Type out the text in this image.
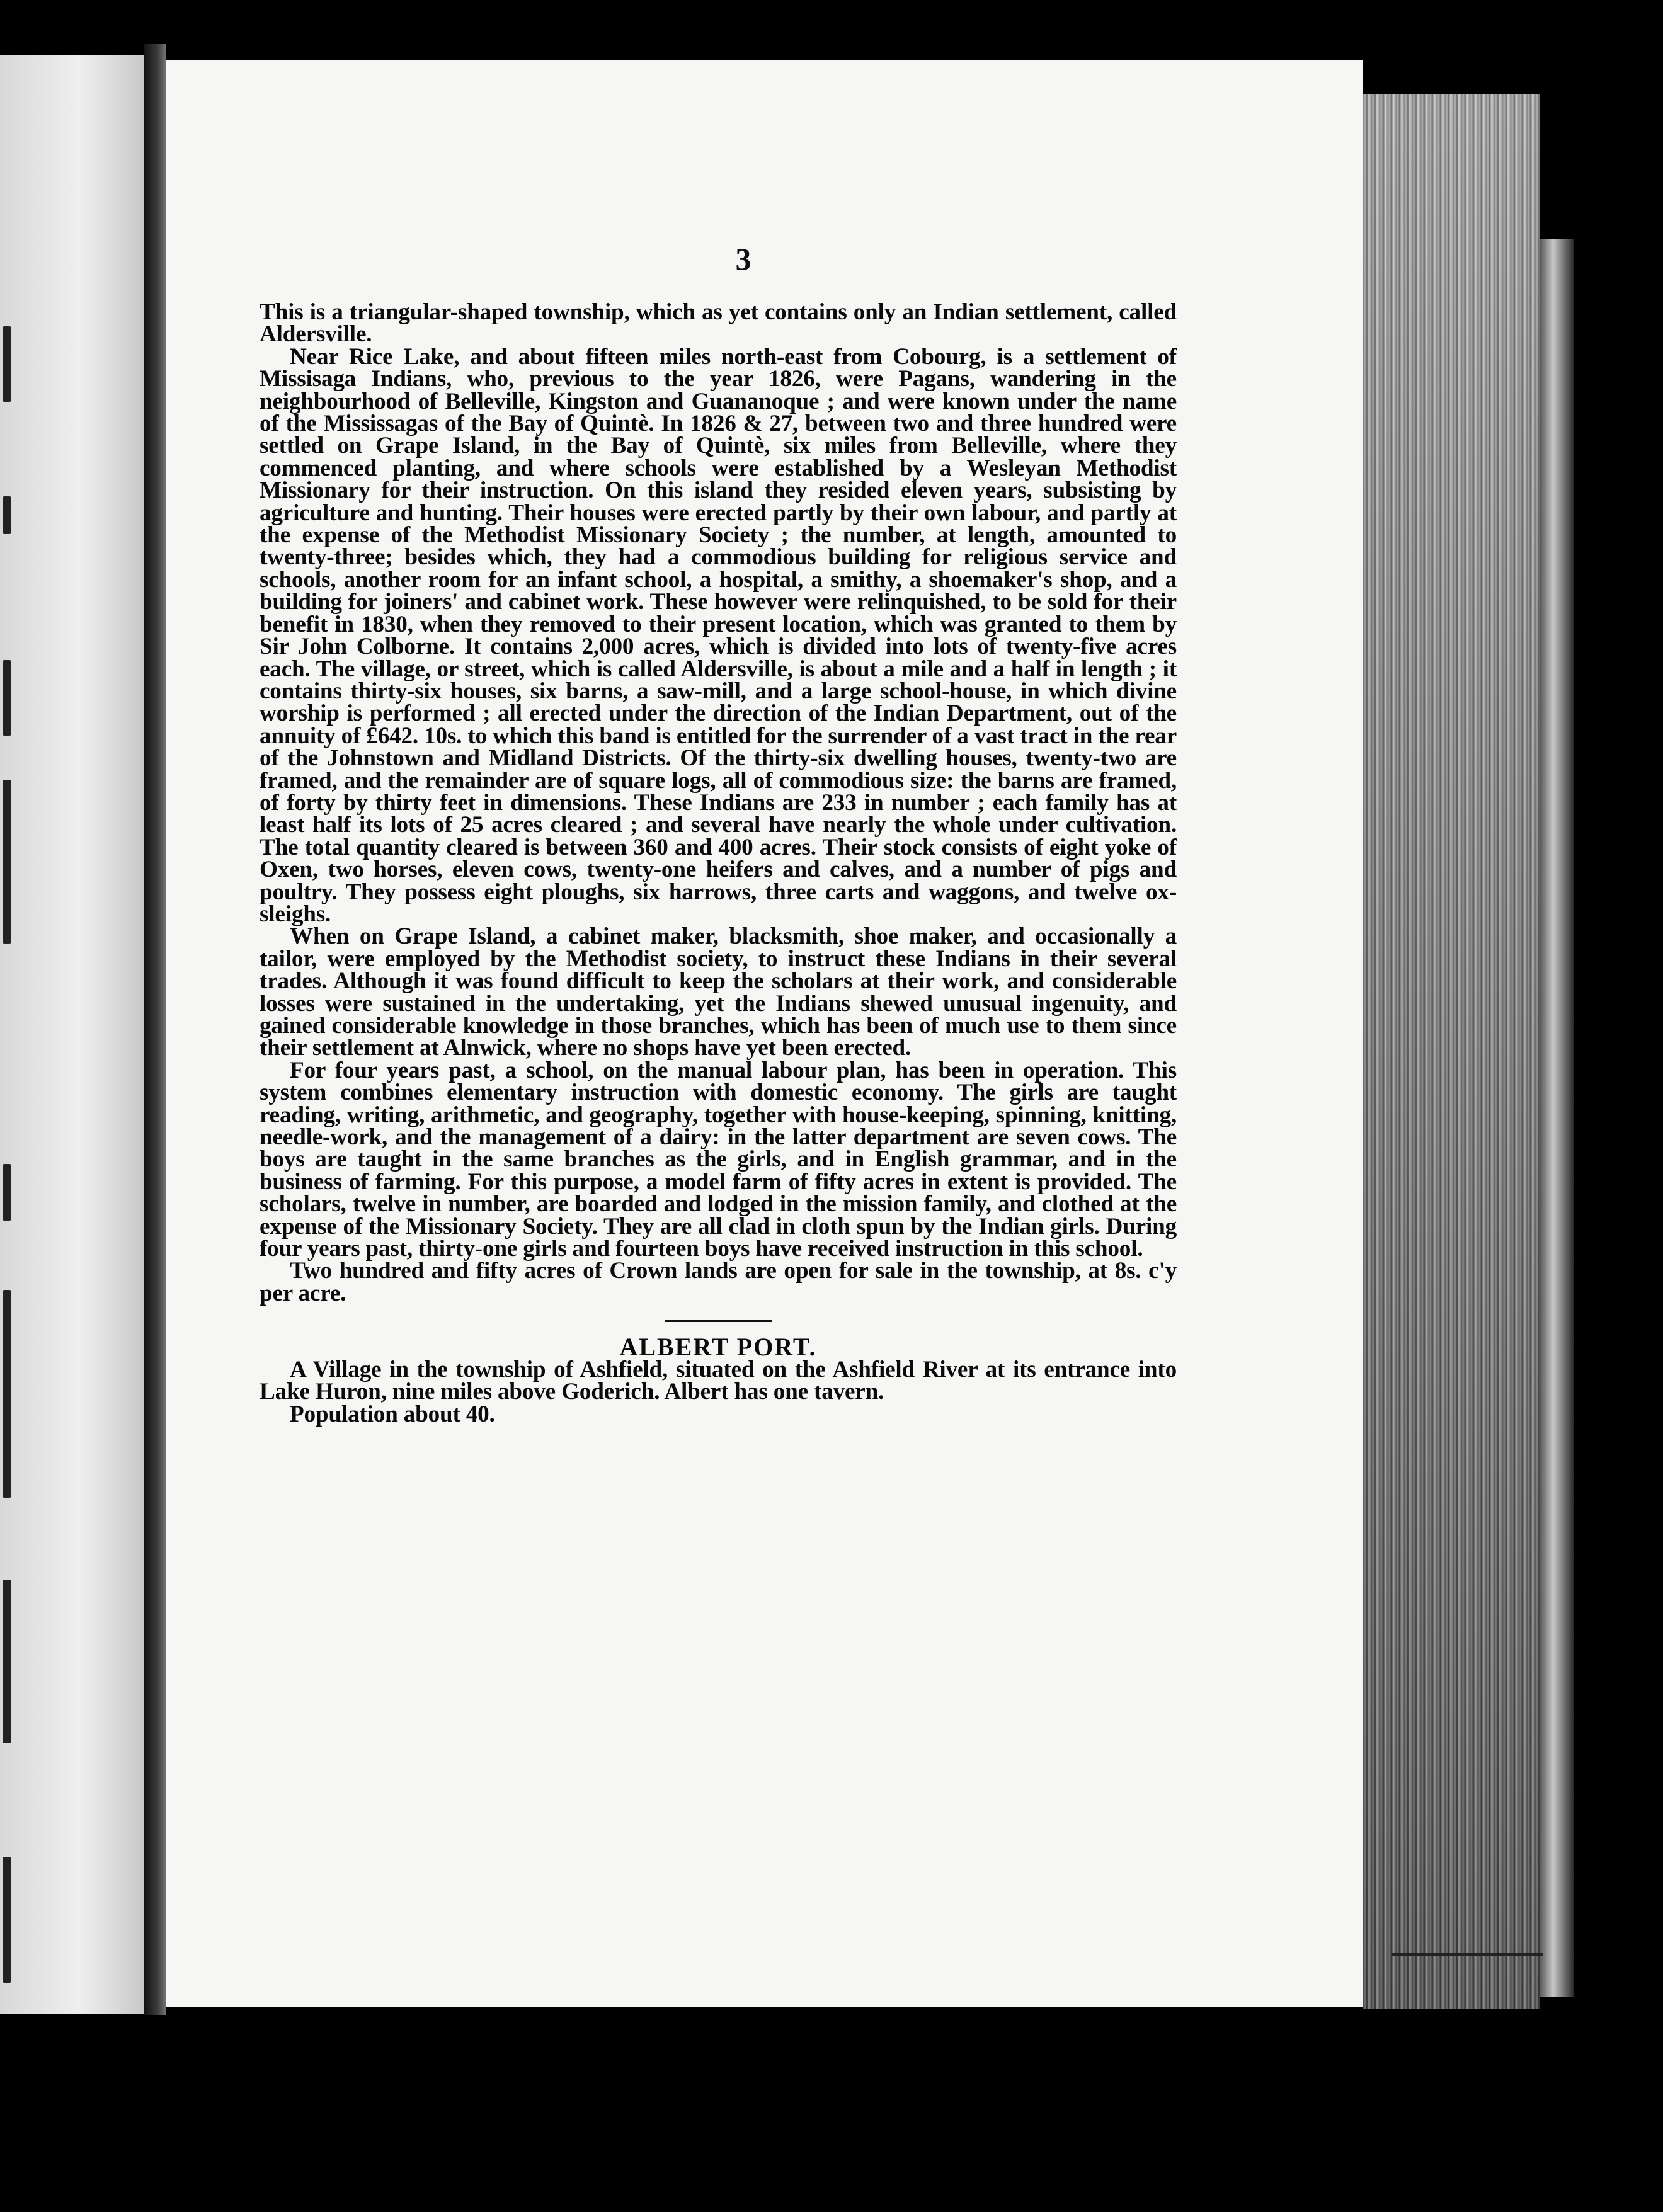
3

This is a triangular-shaped township, which as yet contains only an Indian settlement, called Aldersville.

Near Rice Lake, and about fifteen miles north-east from Cobourg, is a settlement of Missisaga Indians, who, previous to the year 1826, were Pagans, wandering in the neighbourhood of Belleville, Kingston and Guananoque ; and were known under the name of the Mississagas of the Bay of Quintè. In 1826 & 27, between two and three hundred were settled on Grape Island, in the Bay of Quintè, six miles from Belleville, where they commenced planting, and where schools were established by a Wesleyan Methodist Missionary for their instruction. On this island they resided eleven years, subsisting by agriculture and hunting. Their houses were erected partly by their own labour, and partly at the expense of the Methodist Missionary Society ; the number, at length, amounted to twenty-three; besides which, they had a commodious building for religious service and schools, another room for an infant school, a hospital, a smithy, a shoemaker's shop, and a building for joiners' and cabinet work. These however were relinquished, to be sold for their benefit in 1830, when they removed to their present location, which was granted to them by Sir John Colborne. It contains 2,000 acres, which is divided into lots of twenty-five acres each. The village, or street, which is called Aldersville, is about a mile and a half in length ; it contains thirty-six houses, six barns, a saw-mill, and a large school-house, in which divine worship is performed ; all erected under the direction of the Indian Department, out of the annuity of £642. 10s. to which this band is entitled for the surrender of a vast tract in the rear of the Johnstown and Midland Districts. Of the thirty-six dwelling houses, twenty-two are framed, and the remainder are of square logs, all of commodious size: the barns are framed, of forty by thirty feet in dimensions. These Indians are 233 in number ; each family has at least half its lots of 25 acres cleared ; and several have nearly the whole under cultivation. The total quantity cleared is between 360 and 400 acres. Their stock consists of eight yoke of Oxen, two horses, eleven cows, twenty-one heifers and calves, and a number of pigs and poultry. They possess eight ploughs, six harrows, three carts and waggons, and twelve ox-sleighs.

When on Grape Island, a cabinet maker, blacksmith, shoe maker, and occasionally a tailor, were employed by the Methodist society, to instruct these Indians in their several trades. Although it was found difficult to keep the scholars at their work, and considerable losses were sustained in the undertaking, yet the Indians shewed unusual ingenuity, and gained considerable knowledge in those branches, which has been of much use to them since their settlement at Alnwick, where no shops have yet been erected.

For four years past, a school, on the manual labour plan, has been in operation. This system combines elementary instruction with domestic economy. The girls are taught reading, writing, arithmetic, and geography, together with house-keeping, spinning, knitting, needle-work, and the management of a dairy: in the latter department are seven cows. The boys are taught in the same branches as the girls, and in English grammar, and in the business of farming. For this purpose, a model farm of fifty acres in extent is provided. The scholars, twelve in number, are boarded and lodged in the mission family, and clothed at the expense of the Missionary Society. They are all clad in cloth spun by the Indian girls. During four years past, thirty-one girls and fourteen boys have received instruction in this school.

Two hundred and fifty acres of Crown lands are open for sale in the township, at 8s. c'y per acre.

ALBERT PORT.

A Village in the township of Ashfield, situated on the Ashfield River at its entrance into Lake Huron, nine miles above Goderich. Albert has one tavern.

Population about 40.
